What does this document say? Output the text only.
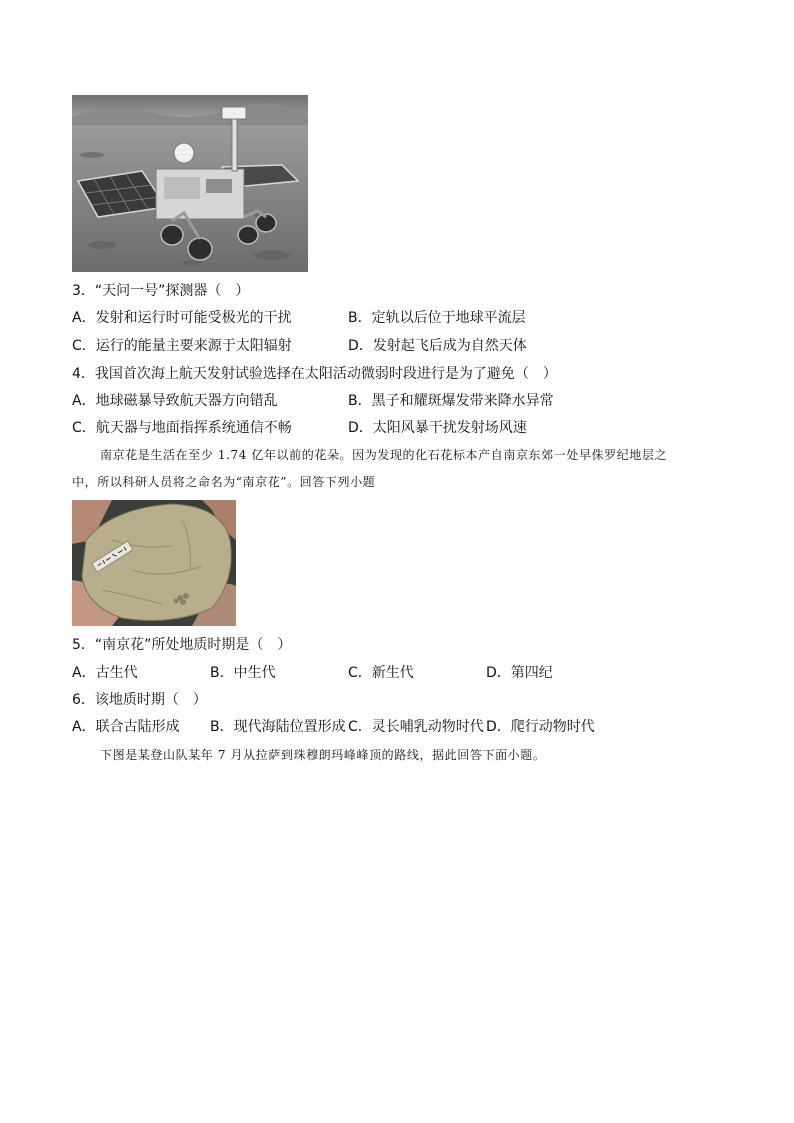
3．“天问一号”探测器（　）
A．发射和运行时可能受极光的干扰	B．定轨以后位于地球平流层
C．运行的能量主要来源于太阳辐射	D．发射起飞后成为自然天体
4．我国首次海上航天发射试验选择在太阳活动微弱时段进行是为了避免（　）
A．地球磁暴导致航天器方向错乱	B．黑子和耀斑爆发带来降水异常
C．航天器与地面指挥系统通信不畅	D．太阳风暴干扰发射场风速
南京花是生活在至少 1.74 亿年以前的花朵。因为发现的化石花标本产自南京东郊一处早侏罗纪地层之
中，所以科研人员将之命名为“南京花”。回答下列小题
5．“南京花”所处地质时期是（　）
A．古生代	B．中生代	C．新生代	D．第四纪
6．该地质时期（　）
A．联合古陆形成 B．现代海陆位置形成 C．灵长哺乳动物时代 D．爬行动物时代
下图是某登山队某年 7 月从拉萨到珠穆朗玛峰峰顶的路线，据此回答下面小题。
